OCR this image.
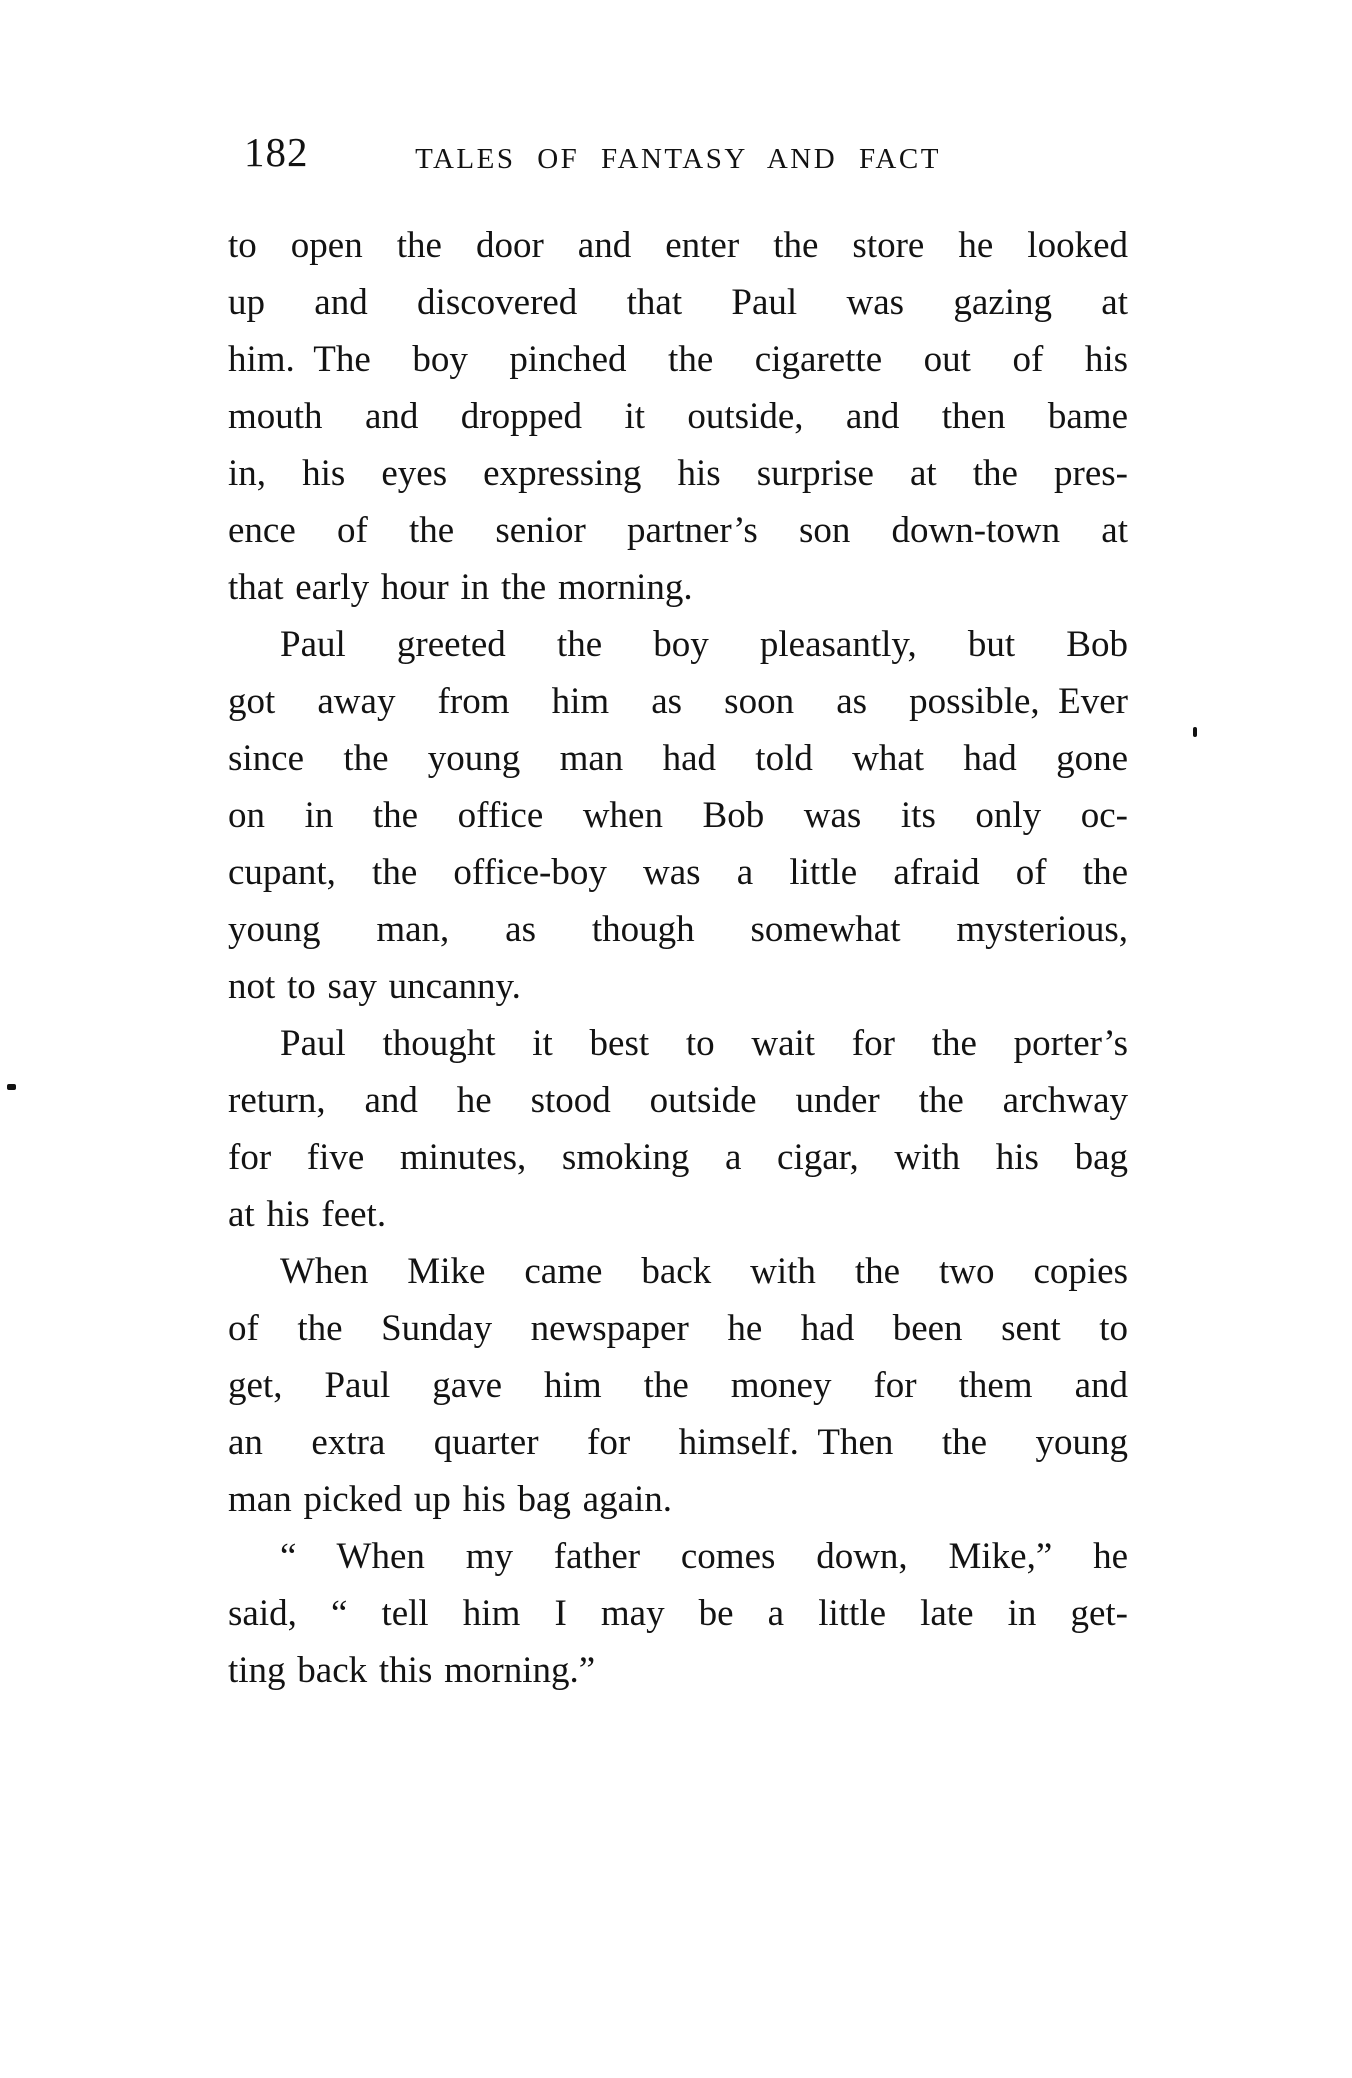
182	TALES OF FANTASY AND FACT
to open the door and enter the store he looked
up and discovered that Paul was gazing at
him. The boy pinched the cigarette out of his
mouth and dropped it outside, and then bame
in, his eyes expressing his surprise at the pres-
ence of the senior partner’s son down-town at
that early hour in the morning.
Paul greeted the boy pleasantly, but Bob
got away from him as soon as possible, Ever
since the young man had told what had gone
on in the office when Bob was its only oc-
cupant, the office-boy was a little afraid of the
young man, as though somewhat mysterious,
not to say uncanny.
Paul thought it best to wait for the porter’s
return, and he stood outside under the archway
for five minutes, smoking a cigar, with his bag
at his feet.
When Mike came back with the two copies
of the Sunday newspaper he had been sent to
get, Paul gave him the money for them and
an extra quarter for himself. Then the young
man picked up his bag again.
“ When my father comes down, Mike,” he
said, “ tell him I may be a little late in get-
ting back this morning.”
